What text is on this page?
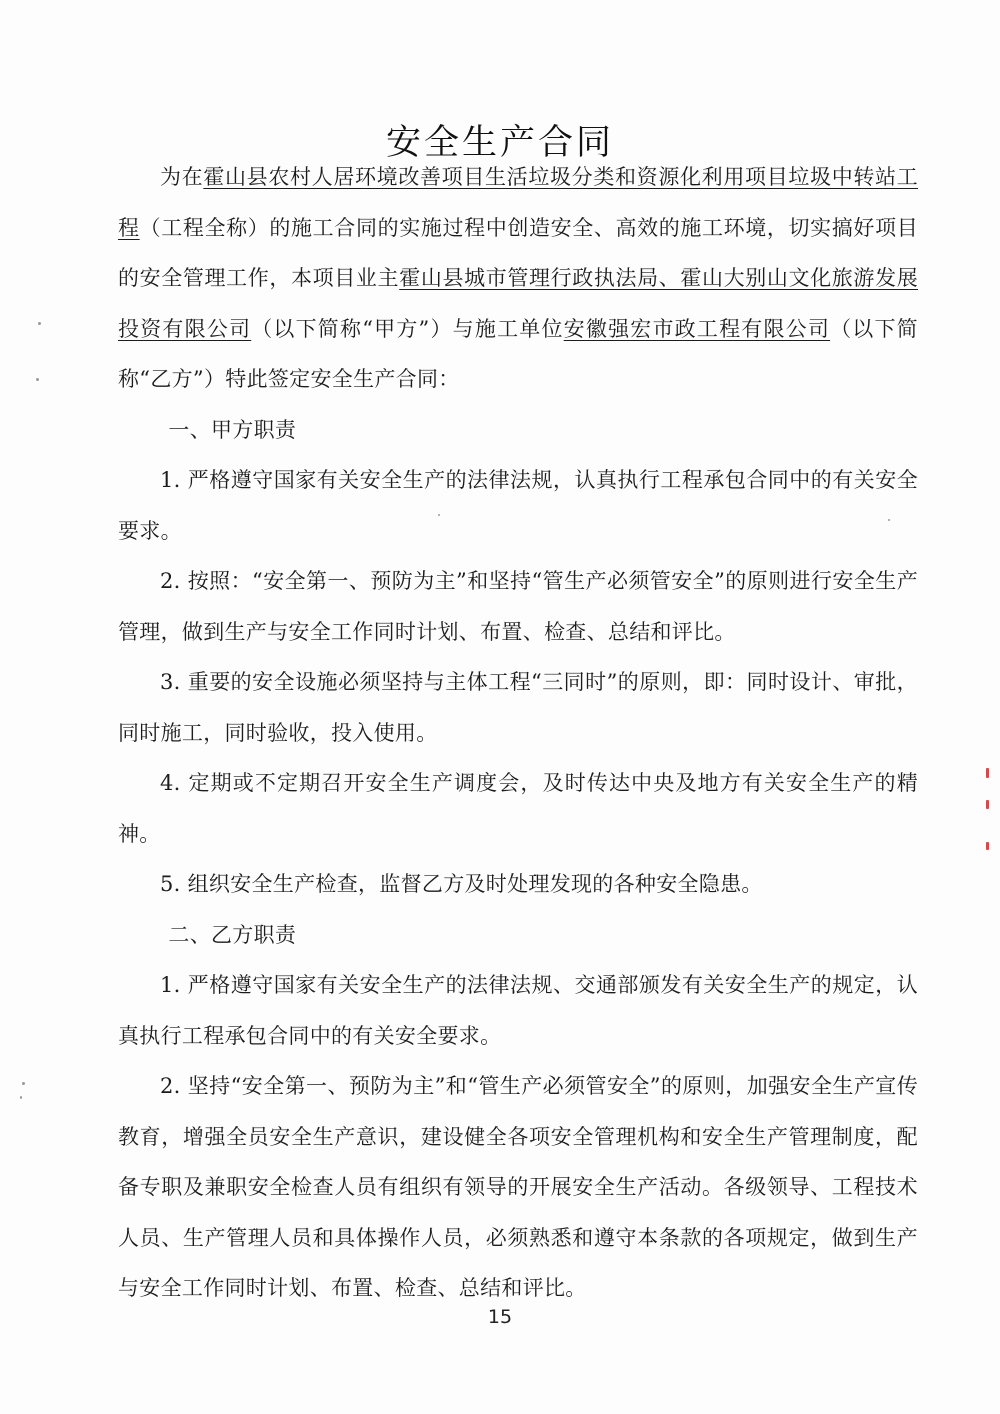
安全生产合同

为在霍山县农村人居环境改善项目生活垃圾分类和资源化利用项目垃圾中转站工程（工程全称）的施工合同的实施过程中创造安全、高效的施工环境，切实搞好项目的安全管理工作，本项目业主霍山县城市管理行政执法局、霍山大别山文化旅游发展投资有限公司（以下简称“甲方”）与施工单位安徽强宏市政工程有限公司（以下简称“乙方”）特此签定安全生产合同：

一、甲方职责

1. 严格遵守国家有关安全生产的法律法规，认真执行工程承包合同中的有关安全要求。

2. 按照：“安全第一、预防为主”和坚持“管生产必须管安全”的原则进行安全生产管理，做到生产与安全工作同时计划、布置、检查、总结和评比。

3. 重要的安全设施必须坚持与主体工程“三同时”的原则，即：同时设计、审批，同时施工，同时验收，投入使用。

4. 定期或不定期召开安全生产调度会，及时传达中央及地方有关安全生产的精神。

5. 组织安全生产检查，监督乙方及时处理发现的各种安全隐患。

二、乙方职责

1. 严格遵守国家有关安全生产的法律法规、交通部颁发有关安全生产的规定，认真执行工程承包合同中的有关安全要求。

2. 坚持“安全第一、预防为主”和“管生产必须管安全”的原则，加强安全生产宣传教育，增强全员安全生产意识，建设健全各项安全管理机构和安全生产管理制度，配备专职及兼职安全检查人员有组织有领导的开展安全生产活动。各级领导、工程技术人员、生产管理人员和具体操作人员，必须熟悉和遵守本条款的各项规定，做到生产与安全工作同时计划、布置、检查、总结和评比。

15
